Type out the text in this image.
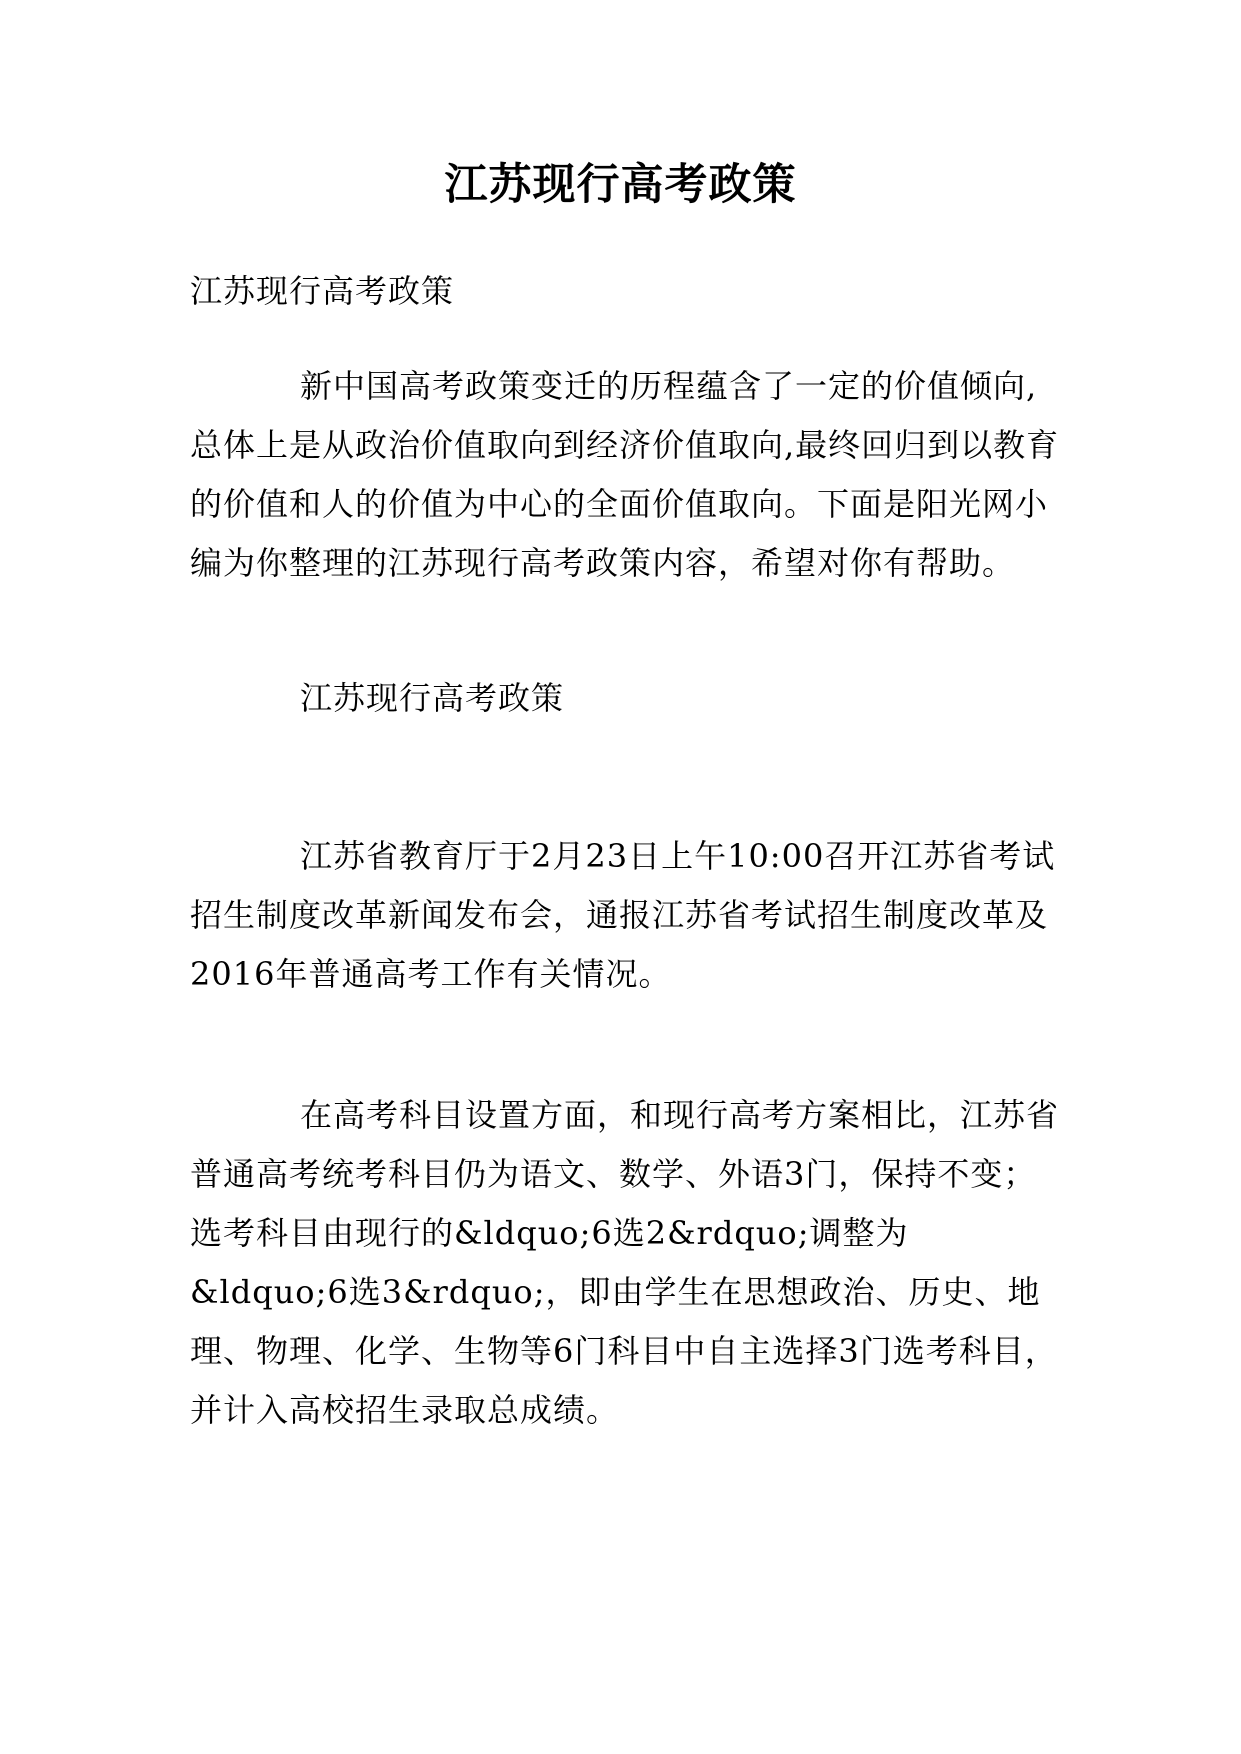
江苏现行高考政策
江苏现行高考政策
新中国高考政策变迁的历程蕴含了一定的价值倾向,总体上是从政治价值取向到经济价值取向,最终回归到以教育的价值和人的价值为中心的全面价值取向。下面是阳光网小编为你整理的江苏现行高考政策内容，希望对你有帮助。
江苏现行高考政策
江苏省教育厅于2月23日上午10:00召开江苏省考试招生制度改革新闻发布会，通报江苏省考试招生制度改革及2016年普通高考工作有关情况。
在高考科目设置方面，和现行高考方案相比，江苏省普通高考统考科目仍为语文、数学、外语3门，保持不变；选考科目由现行的&ldquo;6选2&rdquo;调整为&ldquo;6选3&rdquo;，即由学生在思想政治、历史、地理、物理、化学、生物等6门科目中自主选择3门选考科目，并计入高校招生录取总成绩。
